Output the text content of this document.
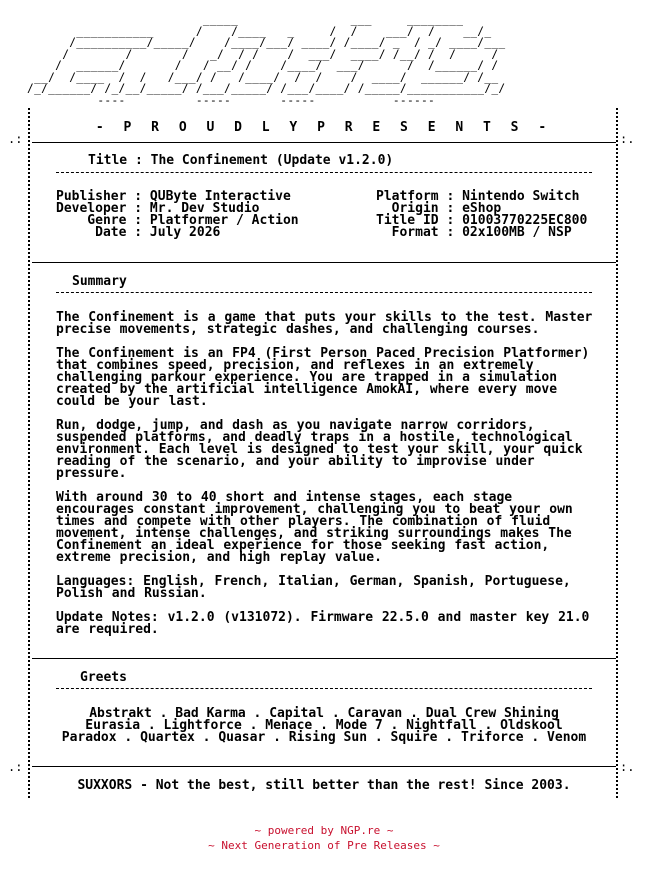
_____                ___     ________
___________      /    /____   _     /  /    ___/  /    __/_
/__________/_____/    /____/___/ ____/ /____/ _  / _/ ____/___
/        /       /   _/  / /    /  ___/  ____/ /__/ /  /     /
/  ______/       /   / __/ /    /____/  ___/      /  /______/ /
__/  /____  /  /   /___/ /   /____/  /  /    /  ____/  ______/ /__
/_/______/ /_/__/_____/ /___/_____/ /___/____/ /_____/___________/_/
----          -----       -----           ------
.:	:.
.:	:.
- P R O U D L Y P R E S E N T S -
Title : The Confinement (Update v1.2.0)
Publisher : QUByte Interactive
Developer : Mr. Dev Studio
Genre : Platformer / Action
Date : July 2026
Platform : Nintendo Switch
Origin : eShop
Title ID : 01003770225EC800
Format : 02x100MB / NSP
Summary
The Confinement is a game that puts your skills to the test. Master precise movements, strategic dashes, and challenging courses.
The Confinement is an FP4 (First Person Paced Precision Platformer) that combines speed, precision, and reflexes in an extremely challenging parkour experience. You are trapped in a simulation created by the artificial intelligence AmokAI, where every move could be your last.
Run, dodge, jump, and dash as you navigate narrow corridors, suspended platforms, and deadly traps in a hostile, technological environment. Each level is designed to test your skill, your quick reading of the scenario, and your ability to improvise under pressure.
With around 30 to 40 short and intense stages, each stage encourages constant improvement, challenging you to beat your own times and compete with other players. The combination of fluid movement, intense challenges, and striking surroundings makes The Confinement an ideal experience for those seeking fast action, extreme precision, and high replay value.
Languages: English, French, Italian, German, Spanish, Portuguese, Polish and Russian.
Update Notes: v1.2.0 (v131072). Firmware 22.5.0 and master key 21.0 are required.
Greets
Abstrakt . Bad Karma . Capital . Caravan . Dual Crew Shining
Eurasia . Lightforce . Menace . Mode 7 . Nightfall . Oldskool
Paradox . Quartex . Quasar . Rising Sun . Squire . Triforce . Venom
SUXXORS - Not the best, still better than the rest! Since 2003.
~ powered by NGP.re ~
~ Next Generation of Pre Releases ~
